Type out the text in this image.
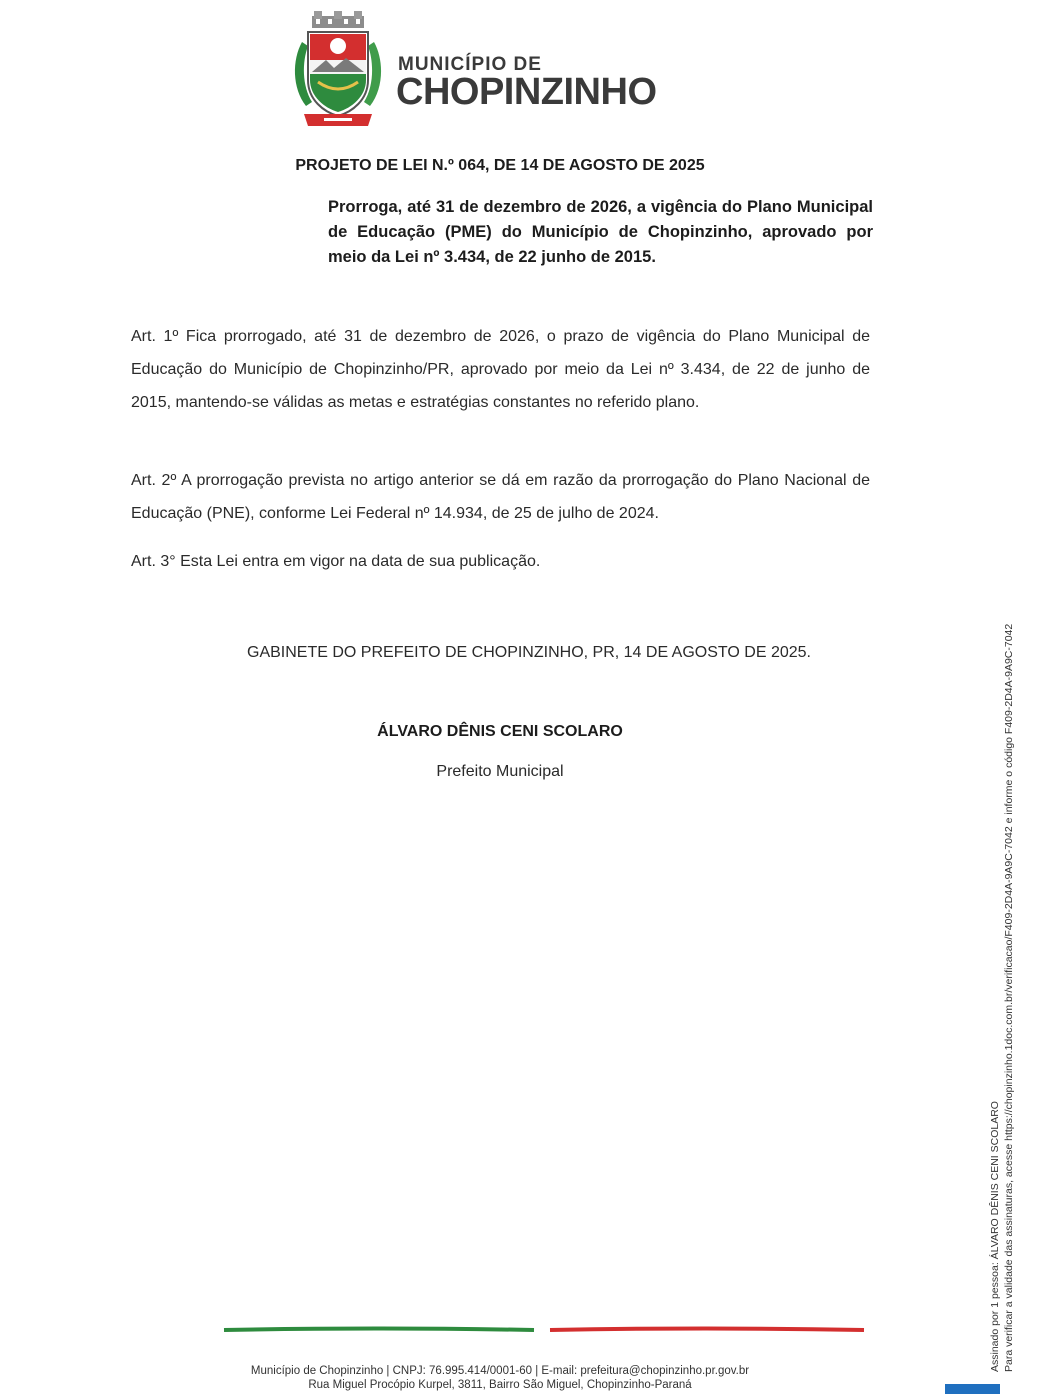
MUNICÍPIO DE
CHOPINZINHO
PROJETO DE LEI N.º 064, DE 14 DE AGOSTO DE 2025
Prorroga, até 31 de dezembro de 2026, a vigência do Plano Municipal de Educação (PME) do Município de Chopinzinho, aprovado por meio da Lei nº 3.434, de 22 junho de 2015.
Art. 1º Fica prorrogado, até 31 de dezembro de 2026, o prazo de vigência do Plano Municipal de Educação do Município de Chopinzinho/PR, aprovado por meio da Lei nº 3.434, de 22 de junho de 2015, mantendo-se válidas as metas e estratégias constantes no referido plano.
Art. 2º A prorrogação prevista no artigo anterior se dá em razão da prorrogação do Plano Nacional de Educação (PNE), conforme Lei Federal nº 14.934, de 25 de julho de 2024.
Art. 3° Esta Lei entra em vigor na data de sua publicação.
GABINETE DO PREFEITO DE CHOPINZINHO, PR, 14 DE AGOSTO DE 2025.
ÁLVARO DÊNIS CENI SCOLARO
Prefeito Municipal
Assinado por 1 pessoa: ÁLVARO DÊNIS CENI SCOLARO Para verificar a validade das assinaturas, acesse https://chopinzinho.1doc.com.br/verificacao/F409-2D4A-9A9C-7042 e informe o código F409-2D4A-9A9C-7042
Município de Chopinzinho | CNPJ: 76.995.414/0001-60 | E-mail: prefeitura@chopinzinho.pr.gov.br
Rua Miguel Procópio Kurpel, 3811, Bairro São Miguel, Chopinzinho-Paraná
